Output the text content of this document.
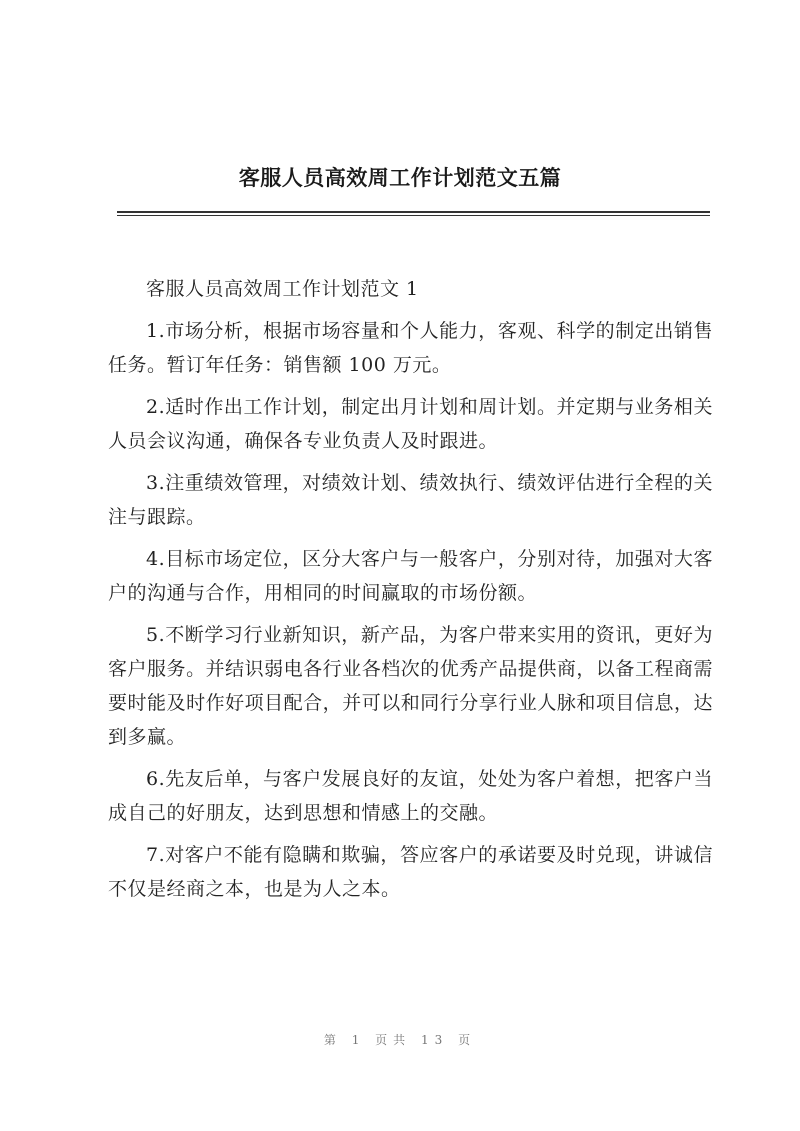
客服人员高效周工作计划范文五篇

客服人员高效周工作计划范文 1

1.市场分析，根据市场容量和个人能力，客观、科学的制定出销售任务。暂订年任务：销售额 100 万元。

2.适时作出工作计划，制定出月计划和周计划。并定期与业务相关人员会议沟通，确保各专业负责人及时跟进。

3.注重绩效管理，对绩效计划、绩效执行、绩效评估进行全程的关注与跟踪。

4.目标市场定位，区分大客户与一般客户，分别对待，加强对大客户的沟通与合作，用相同的时间赢取的市场份额。

5.不断学习行业新知识，新产品，为客户带来实用的资讯，更好为客户服务。并结识弱电各行业各档次的优秀产品提供商，以备工程商需要时能及时作好项目配合，并可以和同行分享行业人脉和项目信息，达到多赢。

6.先友后单，与客户发展良好的友谊，处处为客户着想，把客户当成自己的好朋友，达到思想和情感上的交融。

7.对客户不能有隐瞒和欺骗，答应客户的承诺要及时兑现，讲诚信不仅是经商之本，也是为人之本。

第 1 页共 13 页
